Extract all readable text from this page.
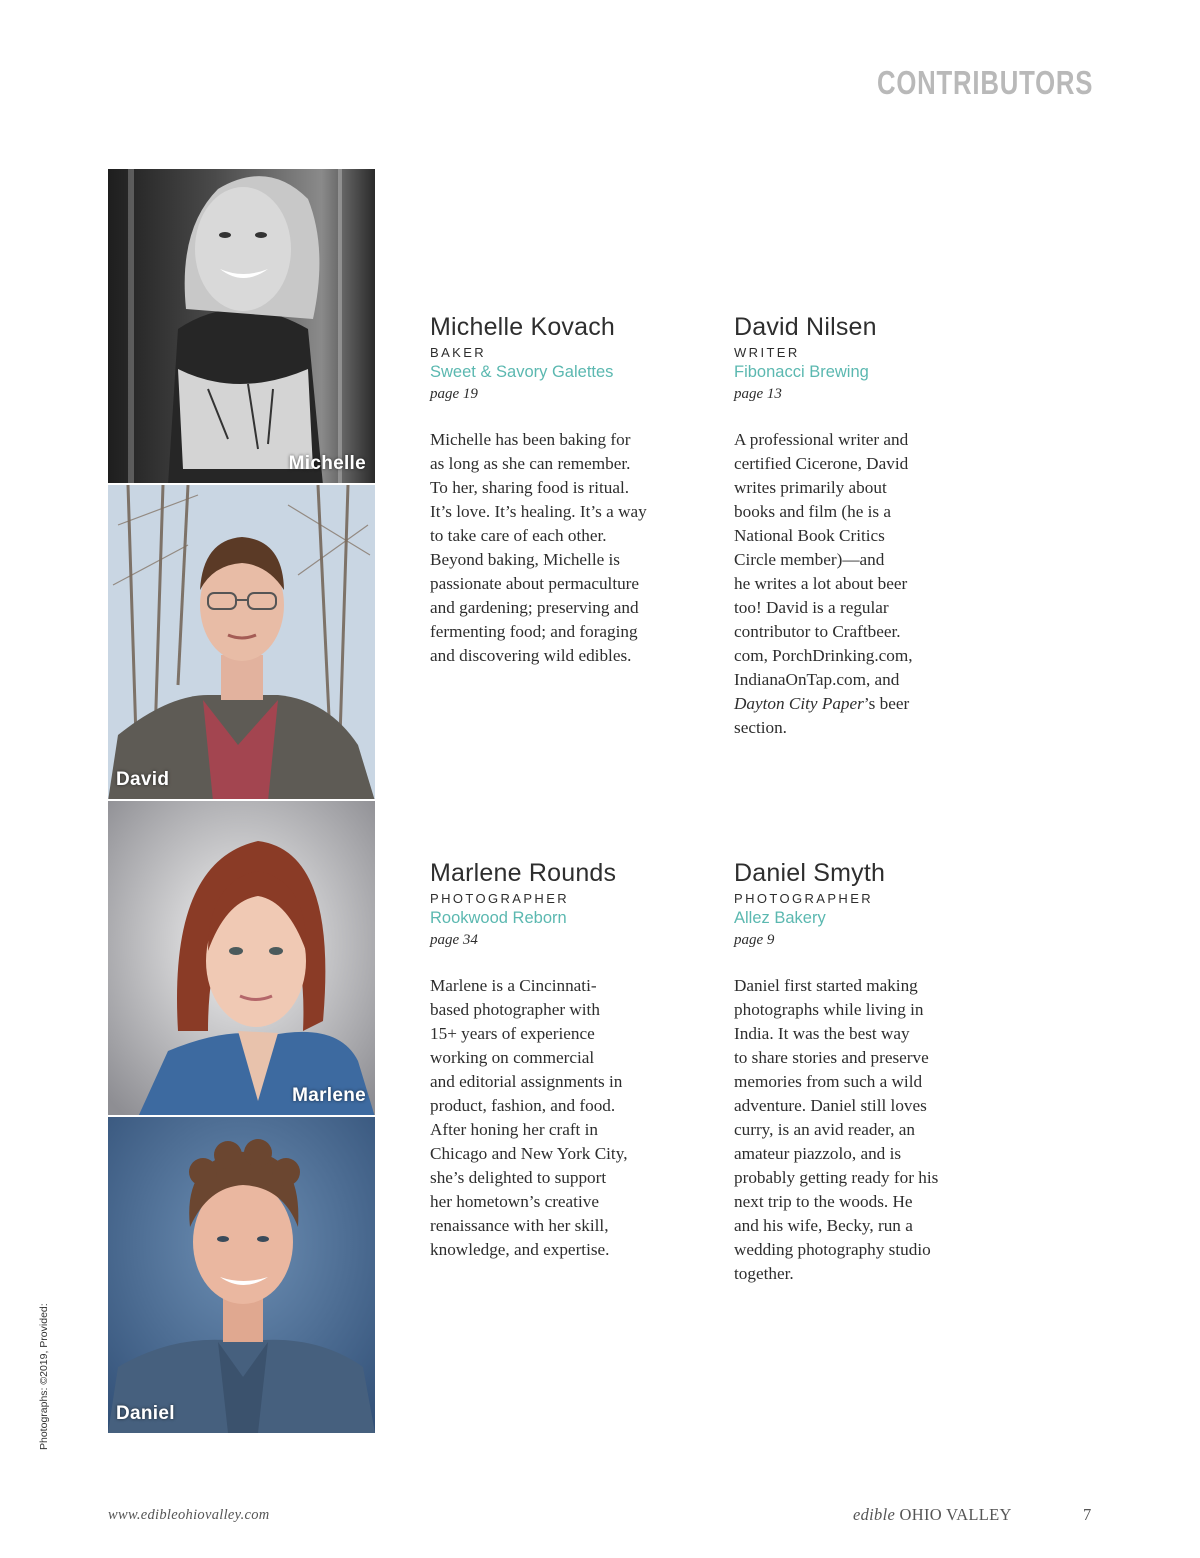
CONTRIBUTORS
Michelle
David
Marlene
Daniel
Michelle Kovach
BAKER
Sweet & Savory Galettes
page 19
Michelle has been baking for
as long as she can remember.
To her, sharing food is ritual.
It’s love. It’s healing. It’s a way
to take care of each other.
Beyond baking, Michelle is
passionate about permaculture
and gardening; preserving and
fermenting food; and foraging
and discovering wild edibles.
David Nilsen
WRITER
Fibonacci Brewing
page 13
A professional writer and
certified Cicerone, David
writes primarily about
books and film (he is a
National Book Critics
Circle member)—and
he writes a lot about beer
too! David is a regular
contributor to Craftbeer.
com, PorchDrinking.com,
IndianaOnTap.com, and
Dayton City Paper’s beer
section.
Marlene Rounds
PHOTOGRAPHER
Rookwood Reborn
page 34
Marlene is a Cincinnati-
based photographer with
15+ years of experience
working on commercial
and editorial assignments in
product, fashion, and food.
After honing her craft in
Chicago and New York City,
she’s delighted to support
her hometown’s creative
renaissance with her skill,
knowledge, and expertise.
Daniel Smyth
PHOTOGRAPHER
Allez Bakery
page 9
Daniel first started making
photographs while living in
India. It was the best way
to share stories and preserve
memories from such a wild
adventure. Daniel still loves
curry, is an avid reader, an
amateur piazzolo, and is
probably getting ready for his
next trip to the woods. He
and his wife, Becky, run a
wedding photography studio
together.
Photographs: ©2019, Provided:
www.edibleohiovalley.com	edible OHIO VALLEY	7
